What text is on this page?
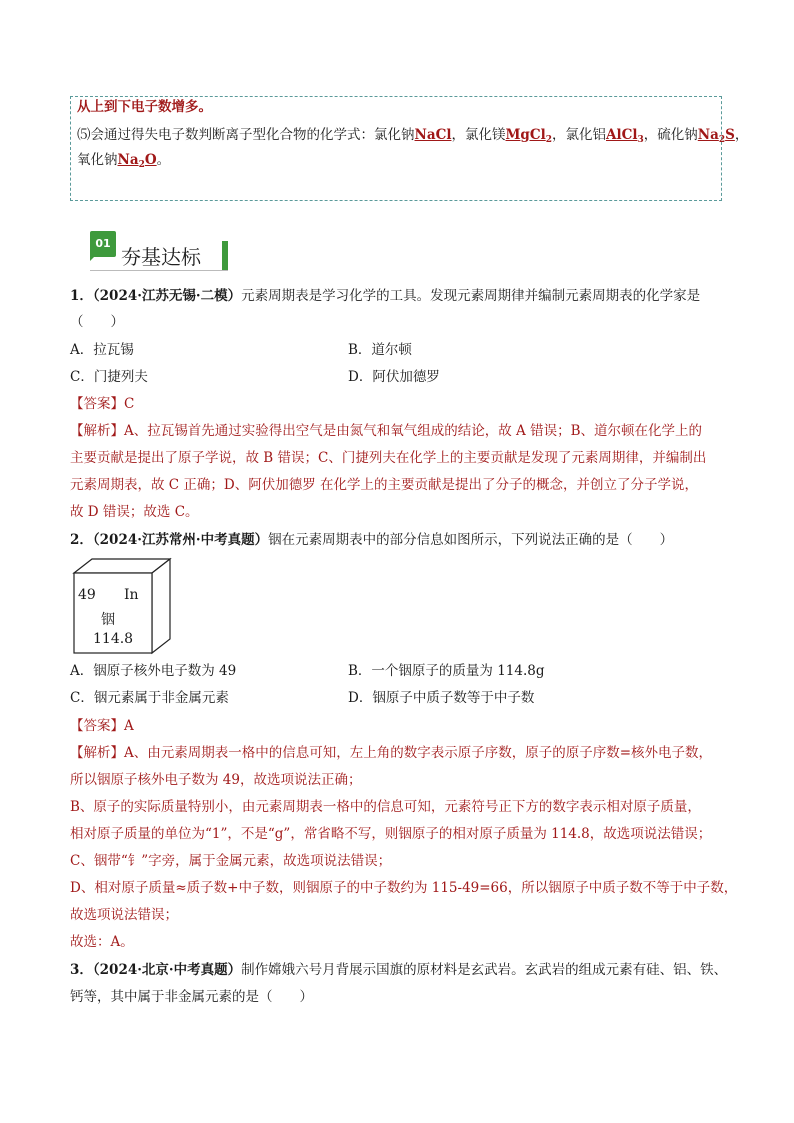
从上到下电子数增多。
⑸会通过得失电子数判断离子型化合物的化学式：氯化钠NaCl，氯化镁MgCl$_2$，氯化铝AlCl$_3$，硫化钠$Na_2S$，
氧化钠$Na_2O$。
01
夯基达标
1．（2024·江苏无锡·二模）元素周期表是学习化学的工具。发现元素周期律并编制元素周期表的化学家是
（　　）
A．拉瓦锡	B．道尔顿
C．门捷列夫	D．阿伏加德罗
【答案】C
【解析】A、拉瓦锡首先通过实验得出空气是由氮气和氧气组成的结论，故 A 错误；B、道尔顿在化学上的
主要贡献是提出了原子学说，故 B 错误；C、门捷列夫在化学上的主要贡献是发现了元素周期律，并编制出
元素周期表，故 C 正确；D、阿伏加德罗 在化学上的主要贡献是提出了分子的概念，并创立了分子学说，
故 D 错误；故选 C。
2．（2024·江苏常州·中考真题）铟在元素周期表中的部分信息如图所示，下列说法正确的是（　　）
49 In
铟
114.8
A．铟原子核外电子数为 49	B．一个铟原子的质量为 114.8g
C．铟元素属于非金属元素	D．铟原子中质子数等于中子数
【答案】A
【解析】A、由元素周期表一格中的信息可知，左上角的数字表示原子序数，原子的原子序数=核外电子数，
所以铟原子核外电子数为 49，故选项说法正确；
B、原子的实际质量特别小，由元素周期表一格中的信息可知，元素符号正下方的数字表示相对原子质量，
相对原子质量的单位为“1”，不是“g”，常省略不写，则铟原子的相对原子质量为 114.8，故选项说法错误；
C、铟带“钅”字旁，属于金属元素，故选项说法错误；
D、相对原子质量≈质子数+中子数，则铟原子的中子数约为 115-49=66，所以铟原子中质子数不等于中子数，
故选项说法错误；
故选：A。
3．（2024·北京·中考真题）制作嫦娥六号月背展示国旗的原材料是玄武岩。玄武岩的组成元素有硅、铝、铁、
钙等，其中属于非金属元素的是（　　）
